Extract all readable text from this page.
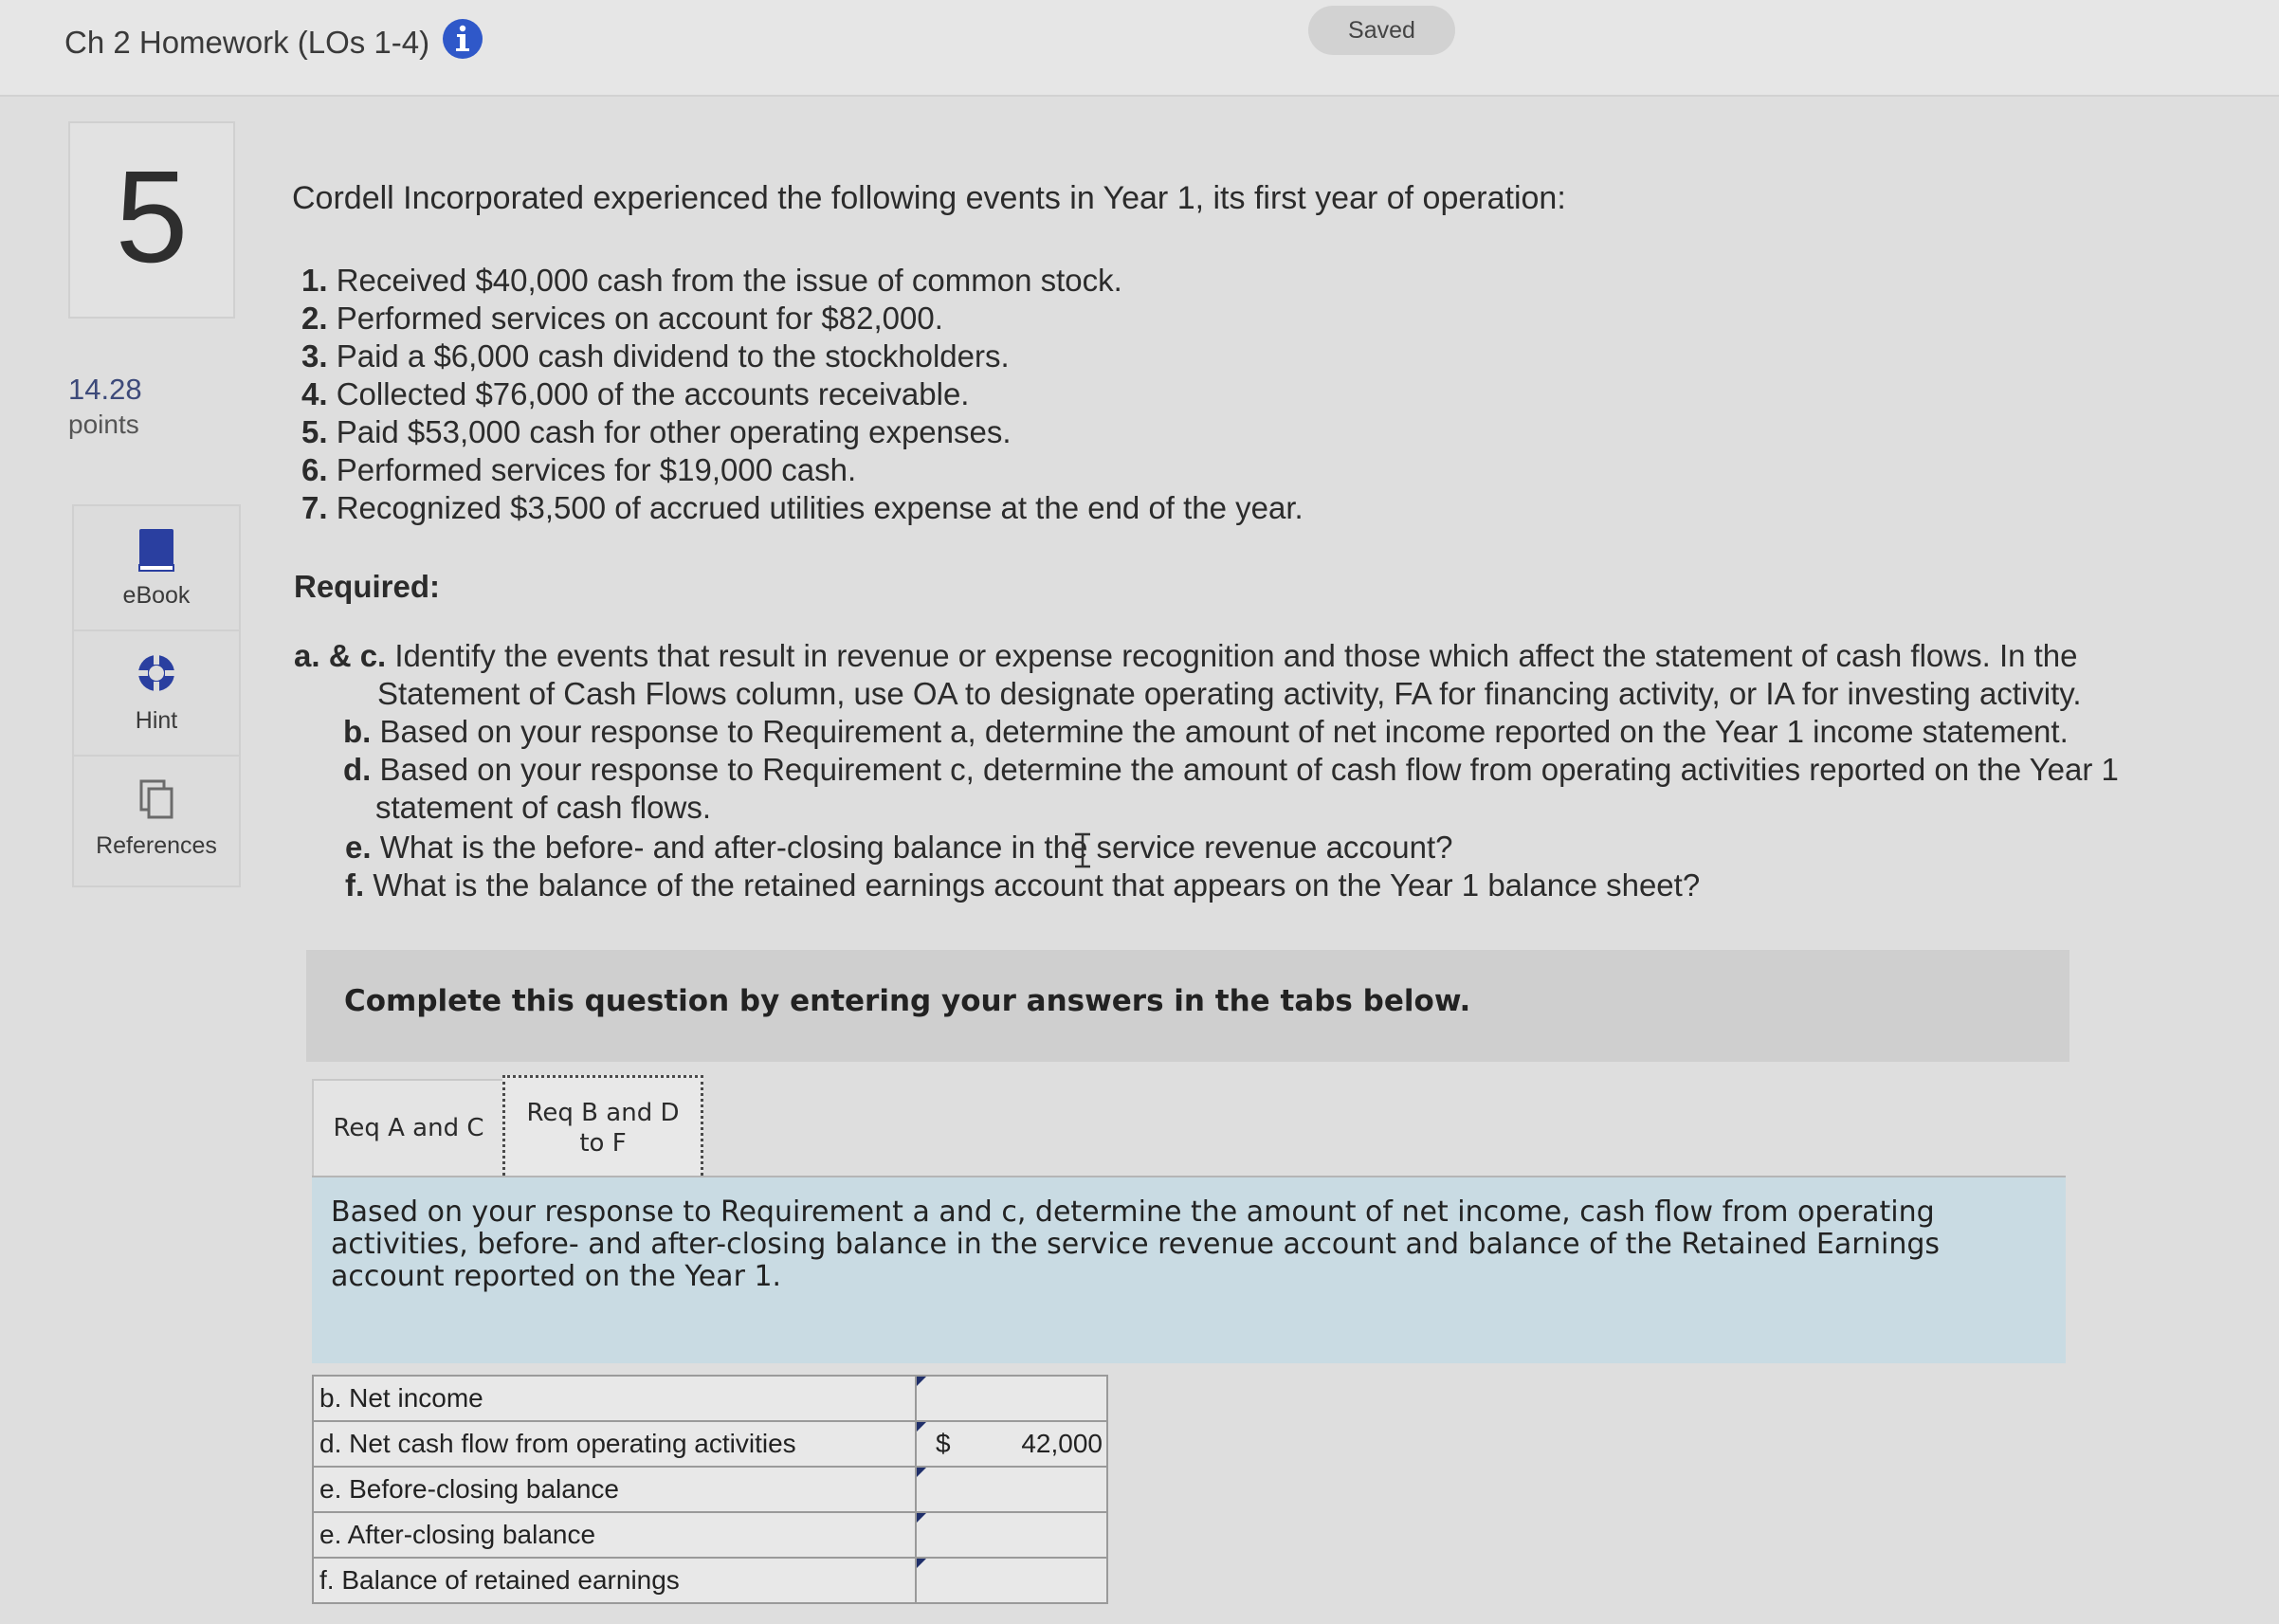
Ch 2 Homework (LOs 1-4)	Saved
5
14.28
points
eBook
Hint
References
Cordell Incorporated experienced the following events in Year 1, its first year of operation:
1. Received $40,000 cash from the issue of common stock.
2. Performed services on account for $82,000.
3. Paid a $6,000 cash dividend to the stockholders.
4. Collected $76,000 of the accounts receivable.
5. Paid $53,000 cash for other operating expenses.
6. Performed services for $19,000 cash.
7. Recognized $3,500 of accrued utilities expense at the end of the year.
Required:
a. & c. Identify the events that result in revenue or expense recognition and those which affect the statement of cash flows. In the
Statement of Cash Flows column, use OA to designate operating activity, FA for financing activity, or IA for investing activity.
b. Based on your response to Requirement a, determine the amount of net income reported on the Year 1 income statement.
d. Based on your response to Requirement c, determine the amount of cash flow from operating activities reported on the Year 1
statement of cash flows.
e. What is the before- and after-closing balance in the service revenue account?
f. What is the balance of the retained earnings account that appears on the Year 1 balance sheet?
Complete this question by entering your answers in the tabs below.
Req A and C
Req B and D
to F
Based on your response to Requirement a and c, determine the amount of net income, cash flow from operating activities, before- and after-closing balance in the service revenue account and balance of the Retained Earnings account reported on the Year 1.
b. Net income	

d. Net cash flow from operating activities	$ 42,000

e. Before-closing balance	

e. After-closing balance	

f. Balance of retained earnings	
